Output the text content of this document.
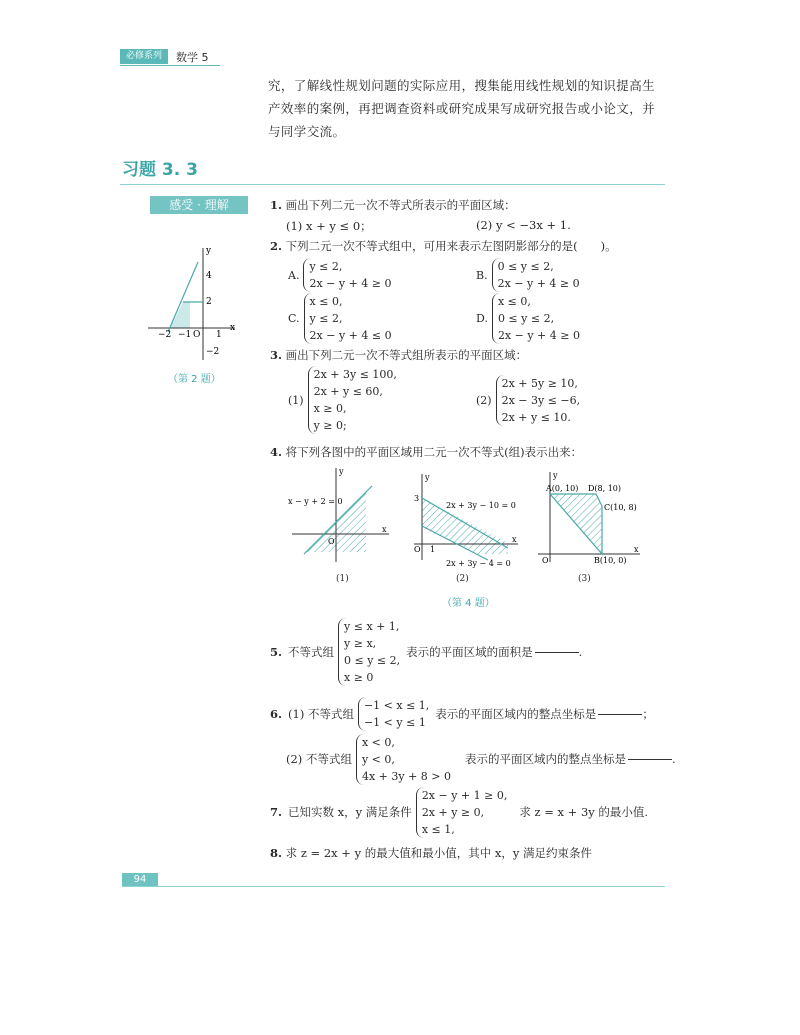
必修系列	数学 5
究，了解线性规划问题的实际应用，搜集能用线性规划的知识提高生
产效率的案例，再把调查资料或研究成果写成研究报告或小论文，并
与同学交流。
习题 3. 3
感受 · 理解
y
4
2
−2 −1 O 1
x
−2
（第 2 题）
1. 画出下列二元一次不等式所表示的平面区域：
(1) x + y ≤ 0；	(2) y < −3x + 1.
2. 下列二元一次不等式组中，可用来表示左图阴影部分的是(　　)。
A.
y ≤ 2,
2x − y + 4 ≥ 0
B.
0 ≤ y ≤ 2,
2x − y + 4 ≥ 0
C.
x ≤ 0,
y ≤ 2,
2x − y + 4 ≤ 0
D.
x ≤ 0,
0 ≤ y ≤ 2,
2x − y + 4 ≥ 0
3. 画出下列二元一次不等式组所表示的平面区域：
(1)
2x + 3y ≤ 100,
2x + y ≤ 60,
x ≥ 0,
y ≥ 0;
(2)
2x + 5y ≥ 10,
2x − 3y ≤ −6,
2x + y ≤ 10.
4. 将下列各图中的平面区域用二元一次不等式(组)表示出来：
y
x
O
x − y + 2 = 0
(1)
3
O 1
x
y
2x + 3y − 10 = 0
2x + 3y − 4 = 0
(2)
y
A(0, 10) D(8, 10)
C(10, 8)
B(10, 0)
O
x
(3)
（第 4 题）
5. 不等式组
y ≤ x + 1,
y ≥ x,
0 ≤ y ≤ 2,
x ≥ 0
表示的平面区域的面积是	.
6. (1) 不等式组
−1 < x ≤ 1,
−1 < y ≤ 1
表示的平面区域内的整点坐标是	；
(2) 不等式组
x < 0,
y < 0,
4x + 3y + 8 > 0
表示的平面区域内的整点坐标是	.
7. 已知实数 x，y 满足条件
2x − y + 1 ≥ 0,
2x + y ≥ 0,
x ≤ 1,
求 z = x + 3y 的最小值.
8. 求 z = 2x + y 的最大值和最小值，其中 x，y 满足约束条件
94
